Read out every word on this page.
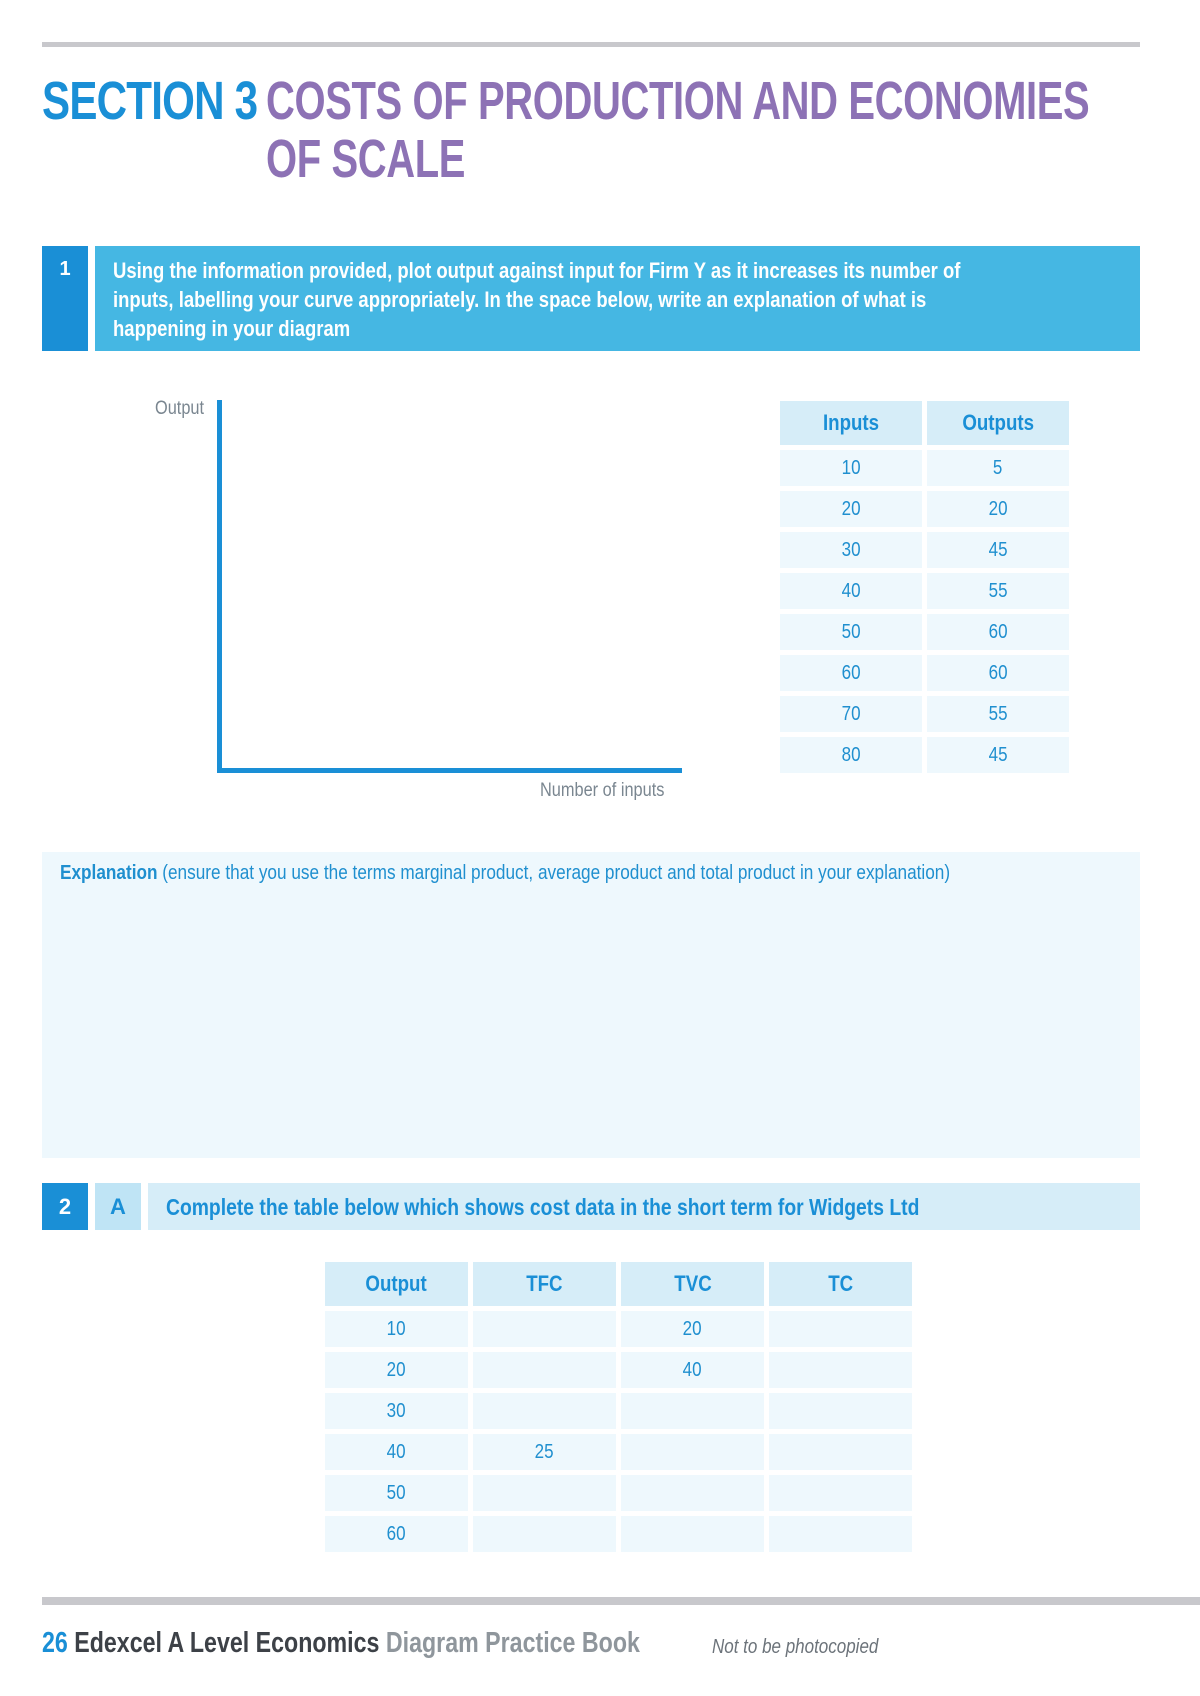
SECTION 3 COSTS OF PRODUCTION AND ECONOMIES
OF SCALE
1	Using the information provided, plot output against input for Firm Y as it increases its number of
inputs, labelling your curve appropriately. In the space below, write an explanation of what is
happening in your diagram
Output
Number of inputs
Inputs	Outputs
10	5
20	20
30	45
40	55
50	60
60	60
70	55
80	45
Explanation (ensure that you use the terms marginal product, average product and total product in your explanation)
2	A	Complete the table below which shows cost data in the short term for Widgets Ltd
Output	TFC	TVC	TC
10		20	
20		40	
30			
40	25		
50			
60			
26 Edexcel A Level Economics Diagram Practice Book	Not to be photocopied
